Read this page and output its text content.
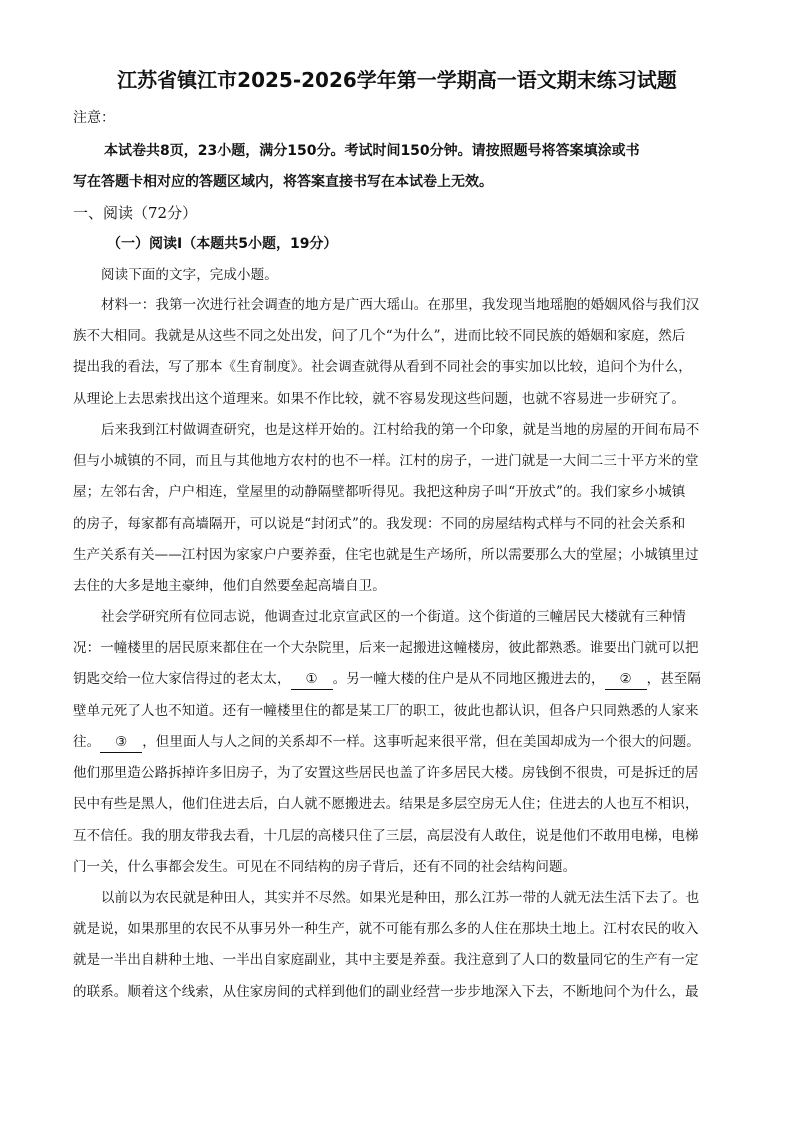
江苏省镇江市2025-2026学年第一学期高一语文期末练习试题
注意：
本试卷共8页，23小题，满分150分。考试时间150分钟。请按照题号将答案填涂或书
写在答题卡相对应的答题区域内，将答案直接书写在本试卷上无效。
一、阅读（72分）
（一）阅读Ⅰ（本题共5小题，19分）
阅读下面的文字，完成小题。
材料一：我第一次进行社会调查的地方是广西大瑶山。在那里，我发现当地瑶胞的婚姻风俗与我们汉
族不大相同。我就是从这些不同之处出发，问了几个“为什么”，进而比较不同民族的婚姻和家庭，然后
提出我的看法，写了那本《生育制度》。社会调查就得从看到不同社会的事实加以比较，追问个为什么，
从理论上去思索找出这个道理来。如果不作比较，就不容易发现这些问题，也就不容易进一步研究了。
后来我到江村做调查研究，也是这样开始的。江村给我的第一个印象，就是当地的房屋的开间布局不
但与小城镇的不同，而且与其他地方农村的也不一样。江村的房子，一进门就是一大间二三十平方米的堂
屋；左邻右舍，户户相连，堂屋里的动静隔壁都听得见。我把这种房子叫“开放式”的。我们家乡小城镇
的房子，每家都有高墙隔开，可以说是“封闭式”的。我发现：不同的房屋结构式样与不同的社会关系和
生产关系有关——江村因为家家户户要养蚕，住宅也就是生产场所，所以需要那么大的堂屋；小城镇里过
去住的大多是地主豪绅，他们自然要垒起高墙自卫。
社会学研究所有位同志说，他调查过北京宣武区的一个街道。这个街道的三幢居民大楼就有三种情
况：一幢楼里的居民原来都住在一个大杂院里，后来一起搬进这幢楼房，彼此都熟悉。谁要出门就可以把
钥匙交给一位大家信得过的老太太， ① 。另一幢大楼的住户是从不同地区搬进去的， ② ，甚至隔
壁单元死了人也不知道。还有一幢楼里住的都是某工厂的职工，彼此也都认识，但各户只同熟悉的人家来
往。 ③ ，但里面人与人之间的关系却不一样。这事听起来很平常，但在美国却成为一个很大的问题。
他们那里造公路拆掉许多旧房子，为了安置这些居民也盖了许多居民大楼。房钱倒不很贵，可是拆迁的居
民中有些是黑人，他们住进去后，白人就不愿搬进去。结果是多层空房无人住；住进去的人也互不相识，
互不信任。我的朋友带我去看，十几层的高楼只住了三层，高层没有人敢住，说是他们不敢用电梯，电梯
门一关，什么事都会发生。可见在不同结构的房子背后，还有不同的社会结构问题。
以前以为农民就是种田人，其实并不尽然。如果光是种田，那么江苏一带的人就无法生活下去了。也
就是说，如果那里的农民不从事另外一种生产，就不可能有那么多的人住在那块土地上。江村农民的收入
就是一半出自耕种土地、一半出自家庭副业，其中主要是养蚕。我注意到了人口的数量同它的生产有一定
的联系。顺着这个线索，从住家房间的式样到他们的副业经营一步步地深入下去，不断地问个为什么，最
